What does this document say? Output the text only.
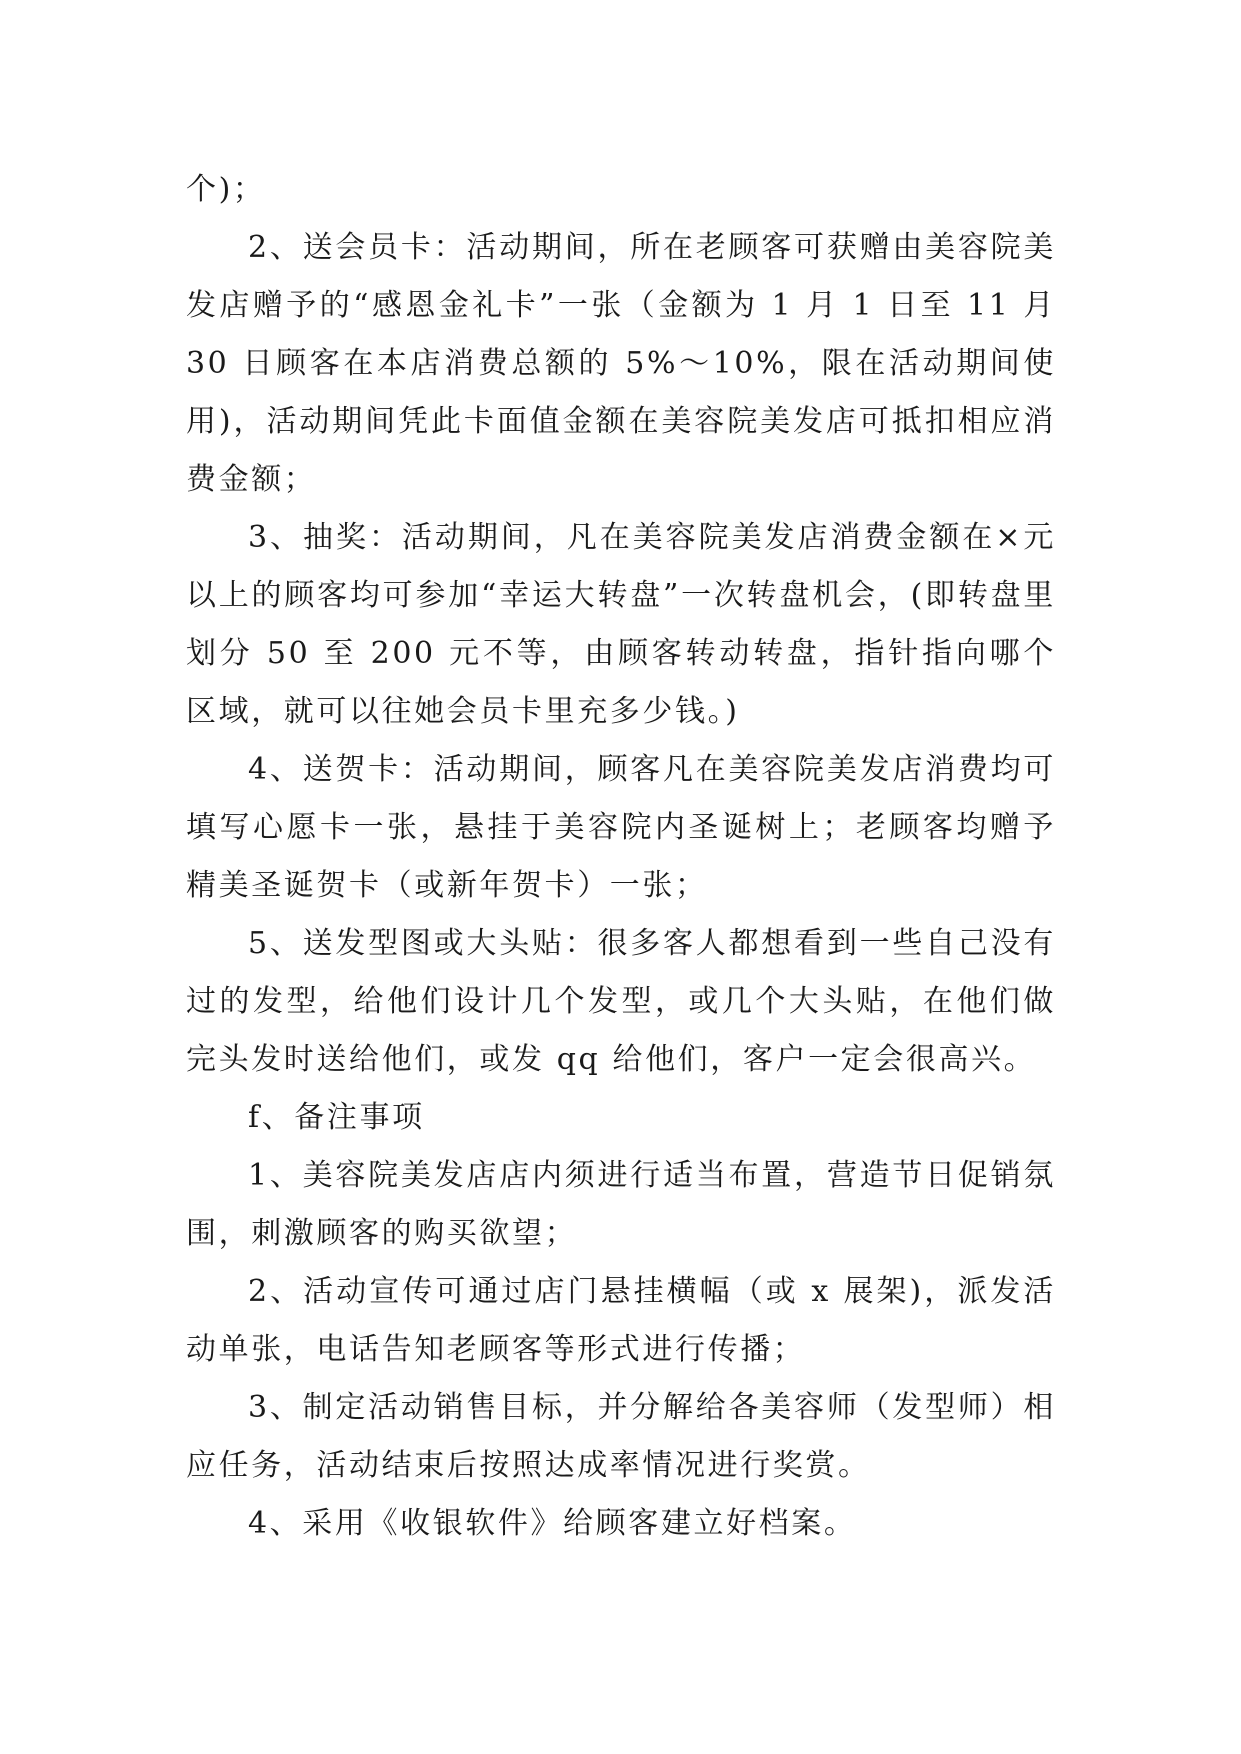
个)；

2、送会员卡：活动期间，所在老顾客可获赠由美容院美发店赠予的“感恩金礼卡”一张（金额为 1 月 1 日至 11 月 30 日顾客在本店消费总额的 5%～10%，限在活动期间使用)，活动期间凭此卡面值金额在美容院美发店可抵扣相应消费金额；

3、抽奖：活动期间，凡在美容院美发店消费金额在×元以上的顾客均可参加“幸运大转盘”一次转盘机会，(即转盘里划分 50 至 200 元不等，由顾客转动转盘，指针指向哪个区域，就可以往她会员卡里充多少钱。)

4、送贺卡：活动期间，顾客凡在美容院美发店消费均可填写心愿卡一张，悬挂于美容院内圣诞树上；老顾客均赠予精美圣诞贺卡（或新年贺卡）一张；

5、送发型图或大头贴：很多客人都想看到一些自己没有过的发型，给他们设计几个发型，或几个大头贴，在他们做完头发时送给他们，或发 qq 给他们，客户一定会很高兴。

f、备注事项

1、美容院美发店店内须进行适当布置，营造节日促销氛围，刺激顾客的购买欲望；

2、活动宣传可通过店门悬挂横幅（或 x 展架)，派发活动单张，电话告知老顾客等形式进行传播；

3、制定活动销售目标，并分解给各美容师（发型师）相应任务，活动结束后按照达成率情况进行奖赏。

4、采用《收银软件》给顾客建立好档案。
